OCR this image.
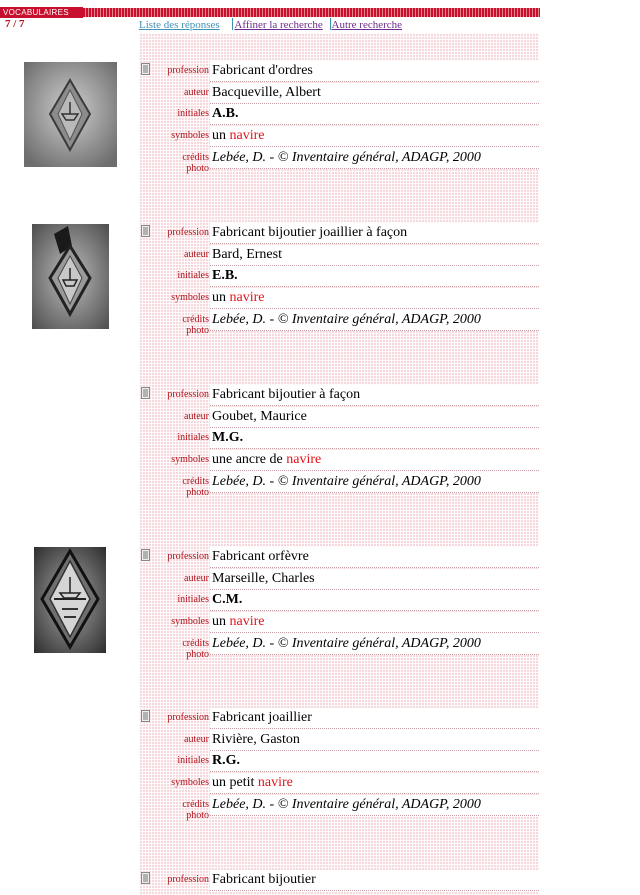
VOCABULAIRES
7 / 7	Liste des réponses Affiner la recherche Autre recherche
profession Fabricant d'ordres
auteur Bacqueville, Albert
initiales A.B.
symboles un navire
crédits
photo
Lebée, D. - © Inventaire général, ADAGP, 2000
profession Fabricant bijoutier joaillier à façon
auteur Bard, Ernest
initiales E.B.
symboles un navire
crédits
photo
Lebée, D. - © Inventaire général, ADAGP, 2000
profession Fabricant bijoutier à façon
auteur Goubet, Maurice
initiales M.G.
symboles une ancre de navire
crédits
photo
Lebée, D. - © Inventaire général, ADAGP, 2000
profession Fabricant orfèvre
auteur Marseille, Charles
initiales C.M.
symboles un navire
crédits
photo
Lebée, D. - © Inventaire général, ADAGP, 2000
profession Fabricant joaillier
auteur Rivière, Gaston
initiales R.G.
symboles un petit navire
crédits
photo
Lebée, D. - © Inventaire général, ADAGP, 2000
profession Fabricant bijoutier
